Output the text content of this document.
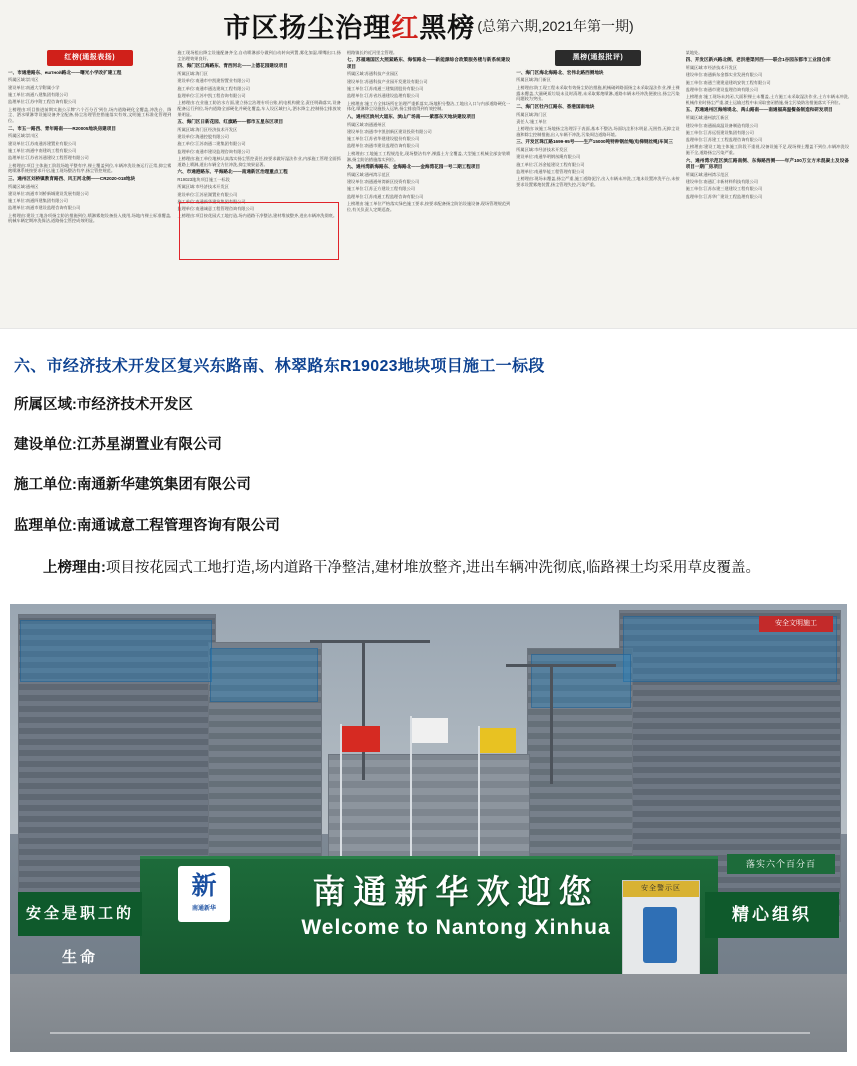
市区扬尘治理红黑榜 (总第六期,2021年第一期)
红榜(通报表扬)

一、市通港路东、ештной路北——曙光小学改扩建工程

所属区域:崇川区

建设单位:南通大学附属小学

施工单位:南通八建集团有限公司

监理单位:江苏中附工程咨询有限公司

上榜理由:项目推进前期实施公示牌'六个百分百'到位,场内道路硬化全覆盖,冲洗台、降尘、洒水喷淋等设施设备齐全配备,扬尘治理管控措施落实有效,文明施工标准化管理到位。

二、市五一路西、青年路南——R20005地块房建项目

所属区域:崇川区

建设单位:江苏南通苏建置业有限公司

施工单位:南通中南建筑工程有限公司

监理单位:江苏省苏通建设工程管理有限公司

上榜理由:项目主体施工阶段场地平整有序,裸土覆盖到位,车辆冲洗设备运行正常,抑尘雾炮喷淋系统按要求开启,施工现场整洁有序,扬尘管控规范。

三、通州区刘桥镇教育路西、风王河北侧——CR2020-018地块

所属区域:通州区

建设单位:南通市刘桥新城建设发展有限公司

施工单位:南通四建集团有限公司

监理单位:南通市建设监理咨询有限公司

上榜理由:建设工地各项扬尘防治措施到位,喷淋雾炮设备投入使用,场地内裸土标准覆盖,机械车辆定期冲洗保洁,道路扬尘管控成效明显。

施工现场租出降尘设施配备齐全,自动喷淋部分做到自动转向到置,雾化加湿,喷嘴出口,扬尘治理效果良好。

四、海门区江海路东、青西河北——上德花园建设项目

所属区域:海门区

建设单位:南通市中凯建智置业有限公司

施工单位:南通市通达建筑工程有限公司

监理单位:江苏中凯工程咨询有限公司

上榜理由:在业施工防治水方面,建立扬尘治理专项台账,机电机构健全,责任明确落实,设备配备运行到位,场内道路全部硬化并硬化覆盖,车入设区域扫入,洒水降尘,控制扬尘排放效果明显。

五、海门区日新花园、红旗路——都市五星东区项目

所属区域:海门区经济技术开发区

建设单位:海通控股有限公司

施工单位:江苏南通二建集团有限公司

监理单位:南通市建设监理咨询有限公司

上榜理由:施工单位地核认真落实扬尘管控责任,按要求做好湿法作业,内部施工管理全面抓道路上喷淋,道出车辆全方位冲洗,抑尘效果显著。

六、市通港路东、平海路北——南通新区治理重点工程

R19023地块项目施工一标段

所属区域:市经济技术开发区

建设单位:江苏星湖置业有限公司

施工单位:南通新华建筑集团有限公司

监理单位:南通诚意工程管理咨询有限公司

上榜理由:项目按花园式工地打造,场内道路干净整洁,建材堆放整齐,进出车辆冲洗彻底。

相路镇长约近河里尘管理。

七、苏福通国区大照紧路东、海恒路北——新能源综合政策服务楼与新系统建设项目

所属区域:苏通科技产业园区

建设单位:苏通科技产业园开发建设有限公司

施工单位:江苏南通三建集团股份有限公司

监理单位:江苏省苏通建设监理有限公司

上榜理由:施工方全体场所在治理严重抓落实,场地积分整洁,工地出入口与内部道路硬化一体化,喷淋降尘设施投入运转,扬尘排放得到有效控制。

八、通州区滨州大道东、滨山广场南——紫郡东天地块建设项目

所属区域:南通通州区

建设单位:南通市中凯创新区建设投资有限公司

施工单位:江苏省华建建设股份有限公司

监理单位:南通市建设监理咨询有限公司

上榜理由:工地施工工程规范化,现场整洁有序,裸露土方全覆盖,大型施工机械全部安装喷淋,扬尘防治措施落实到位。

九、通州湾新海路东、金海路北——金海湾花园一号二期工程项目

所属区域:通州湾示范区

建设单位:南通通州湾新区投资有限公司

施工单位:江苏正方建设工程有限公司

监理单位:江苏南通工程监理咨询有限公司

上榜理由:施工单位严格落实绿色施工要求,按要求配备扬尘防治设施设备,现场管理规范到位,有关负责人定期巡查。

黑榜(通报批评)

一、海门区海北海路北、宏伟北路西侧地块

所属区域:海门新区

上榜理由:防工现工程未采取有效扬尘防治措施,机械破碎路面扬尘未采取湿法作业,裸土裸露未覆盖,大量硬质垃圾未及时清理,未采取雾炮喷淋,道路车辆未经冲洗便驶出,扬尘污染问题较为突出。

二、海门区牡丹江路东、香港国南地块

所属区域:海门区

责任人:施工单位

上榜理由:该施工场地扬尘治理浮于表面,基本不整洁,场面坑洼积水明显,无围挡,无抑尘设施和除尘控制措施,出入车辆不冲洗,污染周边道路环境。

三、开发区珠江路1699-95号——生产15000吨特种钢丝绳(电梯钢丝绳)车间三

所属区域:市经济技术开发区

建设单位:南通华明钢丝绳有限公司

施工单位:江苏金能建设工程有限公司

监理单位:南通华能工程管理有限公司

上榜理由:现场未覆盖,扬尘严重,施工道路泥泞,出入车辆未冲洗,工地未设置冲洗平台,未按要求设置雾炮装置,扬尘管理失控,污染严重。

某地处。

四、开发区新兴路北侧、老洪港渠河西——联合1谷园东都市工业园仓库

所属区域:市经济技术开发区

建设单位:南通新东金都实业发展有限公司

施工单位:南通兰建建造建筑安装工程有限公司

监理单位:南通市建设监理咨询有限公司

上榜理由:施工现场未封闭,大面积裸土未覆盖,土方施工未采取湿法作业,土方车辆未冲洗,机械作业时扬尘严重,渣土运输过程中未采取密闭措施,扬尘污染防治措施落实不到位。

五、苏通通州区海绵堤北、禹山路南——南通福高温餐备制造和研发项目

所属区域:通州滨江新区

建设单位:南通福高温设备制造有限公司

施工单位:江苏远恒建设集团有限公司

监理单位:江苏建工工程监理咨询有限公司

上榜理由:建设工地主体施工阶段不重视,设备设施不足,现场裸土覆盖不到位,车辆冲洗设施不全,道路扬尘污染严重。

六、通州湾示范区滨江路南侧、东海路西侧——年产100万立方米混凝土及设备项目一期厂房项目

所属区域:通州湾示范区

建设单位:南通汇丰新材料科技有限公司

施工单位:江苏东建三建建设工程有限公司

监理单位:江苏华广建设工程监理有限公司

六、市经济技术开发区复兴东路南、林翠路东R19023地块项目施工一标段

所属区域:市经济技术开发区

建设单位:江苏星湖置业有限公司

施工单位:南通新华建筑集团有限公司

监理单位:南通诚意工程管理咨询有限公司

上榜理由:项目按花园式工地打造,场内道路干净整洁,建材堆放整齐,进出车辆冲洗彻底,临路裸土均采用草皮覆盖。

安全文明施工
落实六个百分百
新
南通新华	南通新华欢迎您
Welcome to Nantong Xinhua
安全是职工的生命
精心组织
安全警示区
